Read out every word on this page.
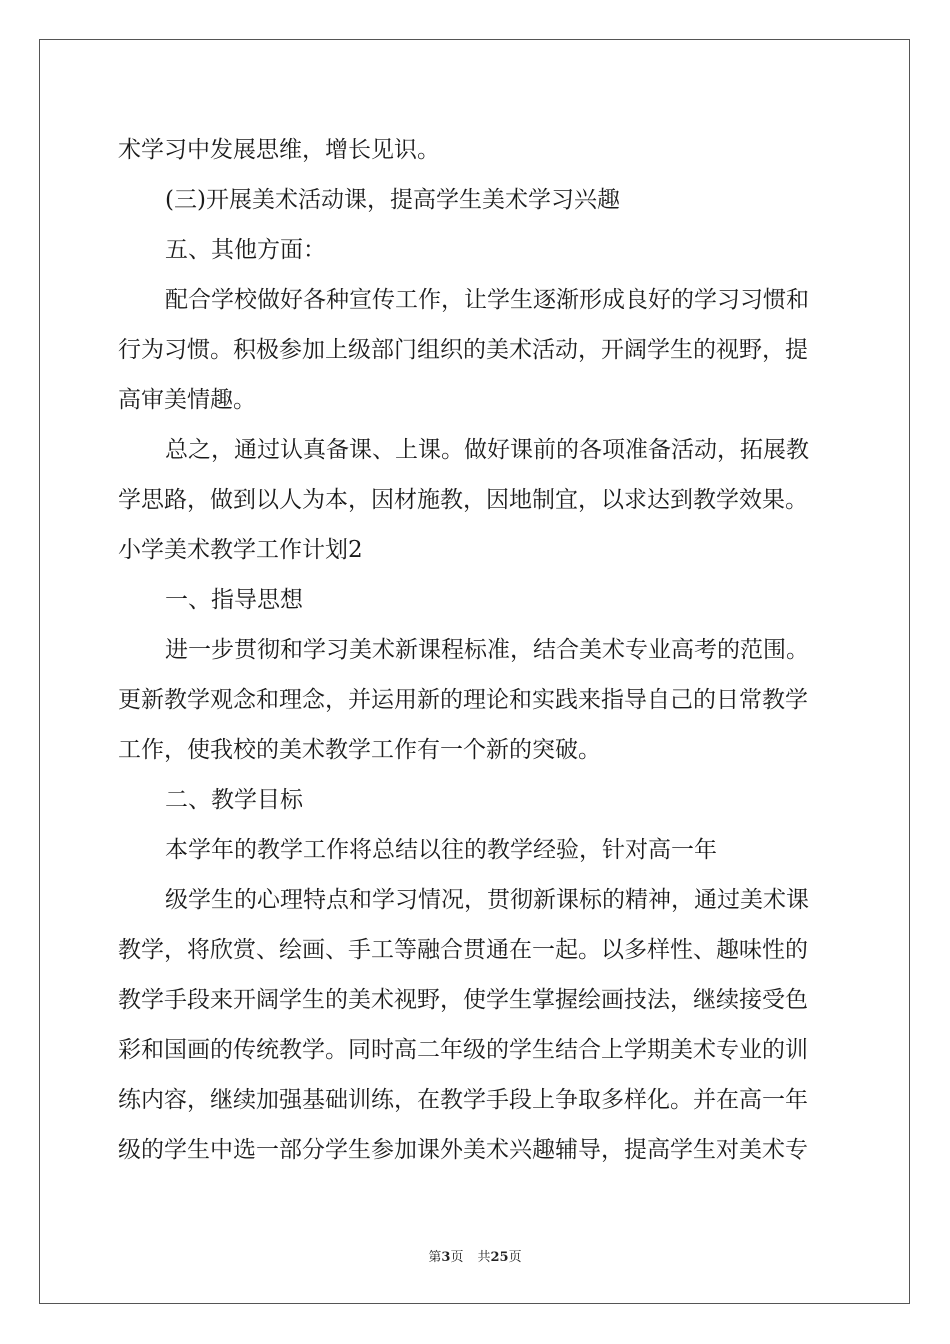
术学习中发展思维，增长见识。

(三)开展美术活动课，提高学生美术学习兴趣

五、其他方面：

配合学校做好各种宣传工作，让学生逐渐形成良好的学习习惯和

行为习惯。积极参加上级部门组织的美术活动，开阔学生的视野，提

高审美情趣。

总之，通过认真备课、上课。做好课前的各项准备活动，拓展教

学思路，做到以人为本，因材施教，因地制宜，以求达到教学效果。

小学美术教学工作计划2

一、指导思想

进一步贯彻和学习美术新课程标准，结合美术专业高考的范围。

更新教学观念和理念，并运用新的理论和实践来指导自己的日常教学

工作，使我校的美术教学工作有一个新的突破。

二、教学目标

本学年的教学工作将总结以往的教学经验，针对高一年

级学生的心理特点和学习情况，贯彻新课标的精神，通过美术课

教学，将欣赏、绘画、手工等融合贯通在一起。以多样性、趣味性的

教学手段来开阔学生的美术视野，使学生掌握绘画技法，继续接受色

彩和国画的传统教学。同时高二年级的学生结合上学期美术专业的训

练内容，继续加强基础训练，在教学手段上争取多样化。并在高一年

级的学生中选一部分学生参加课外美术兴趣辅导，提高学生对美术专

第3页 共25页
